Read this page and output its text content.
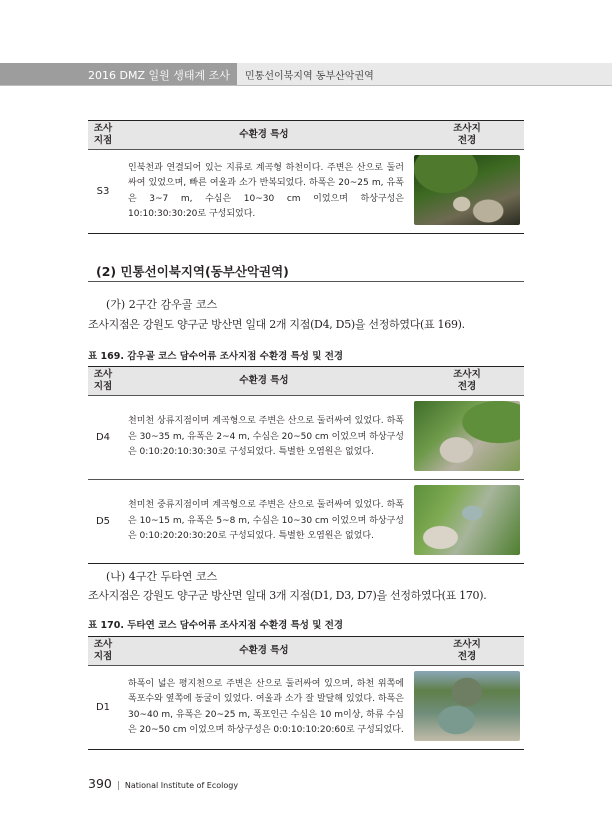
2016 DMZ 일원 생태계 조사 민통선이북지역 동부산악권역
조사
지점	수환경 특성	조사지
전경
S3	인북천과 연결되어 있는 지류로 계곡형 하천이다. 주변은 산으로 둘러싸여 있었으며, 빠른 여울과 소가 반복되었다. 하폭은 20~25 m, 유폭은 3~7 m, 수심은 10~30 cm 이었으며 하상구성은 10:10:30:30:20로 구성되었다.	
(2) 민통선이북지역(동부산악권역)
(가) 2구간 감우골 코스
조사지점은 강원도 양구군 방산면 일대 2개 지점(D4, D5)을 선정하였다(표 169).
표 169. 감우골 코스 담수어류 조사지점 수환경 특성 및 전경
조사
지점	수환경 특성	조사지
전경
D4	천미천 상류지점이며 계곡형으로 주변은 산으로 둘러싸여 있었다. 하폭은 30~35 m, 유폭은 2~4 m, 수심은 20~50 cm 이었으며 하상구성은 0:10:20:10:30:30로 구성되었다. 특별한 오염원은 없었다.	
D5	천미천 중류지점이며 계곡형으로 주변은 산으로 둘러싸여 있었다. 하폭은 10~15 m, 유폭은 5~8 m, 수심은 10~30 cm 이었으며 하상구성은 0:10:20:20:30:20로 구성되었다. 특별한 오염원은 없었다.	
(나) 4구간 두타연 코스
조사지점은 강원도 양구군 방산면 일대 3개 지점(D1, D3, D7)을 선정하였다(표 170).
표 170. 두타연 코스 담수어류 조사지점 수환경 특성 및 전경
조사
지점	수환경 특성	조사지
전경
D1	하폭이 넓은 평지천으로 주변은 산으로 둘러싸여 있으며, 하천 위쪽에 폭포수와 옆쪽에 동굴이 있었다. 여울과 소가 잘 발달해 있었다. 하폭은 30~40 m, 유폭은 20~25 m, 폭포인근 수심은 10 m이상, 하류 수심은 20~50 cm 이었으며 하상구성은 0:0:10:10:20:60로 구성되었다.	
390 | National Institute of Ecology
